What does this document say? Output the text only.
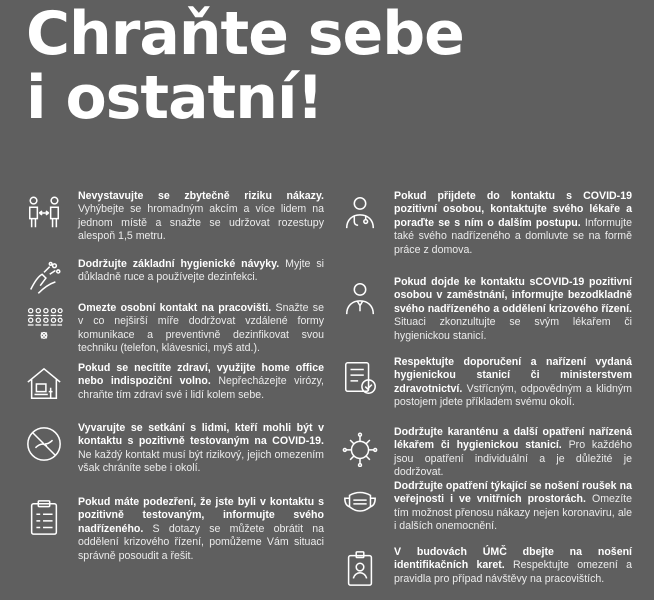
Chraňte sebe
i ostatní!
Nevystavujte se zbytečně riziku nákazy. Vyhýbejte se hromadným akcím a více lidem na jednom místě a snažte se udržovat rozestupy alespoň 1,5 metru.
Dodržujte základní hygienické návyky. Myjte si důkladně ruce a používejte dezinfekci.
Omezte osobní kontakt na pracovišti. Snažte se v co nejširší míře dodržovat vzdálené formy komunikace a preventivně dezinfikovat svou techniku (telefon, klávesnici, myš atd.).
Pokud se necítíte zdraví, využijte home office nebo indispoziční volno. Nepřecházejte virózy, chraňte tím zdraví své i lidí kolem sebe.
Vyvarujte se setkání s lidmi, kteří mohli být v kontaktu s pozitivně testovaným na COVID-19. Ne každý kontakt musí být rizikový, jejich omezením však chráníte sebe i okolí.
Pokud máte podezření, že jste byli v kontaktu s pozitivně testovaným, informujte svého nadřízeného. S dotazy se můžete obrátit na oddělení krizového řízení, pomůžeme Vám situaci správně posoudit a řešit.
Pokud přijdete do kontaktu s COVID-19 pozitivní osobou, kontaktujte svého lékaře a poraďte se s ním o dalším postupu. Informujte také svého nadřízeného a domluvte se na formě práce z domova.
Pokud dojde ke kontaktu sCOVID-19 pozitivní osobou v zaměstnání, informujte bezodkladně svého nadřízeného a oddělení krizového řízení. Situaci zkonzultujte se svým lékařem či hygienickou stanicí.
Respektujte doporučení a nařízení vydaná hygienickou stanicí či ministerstvem zdravotnictví. Vstřícným, odpovědným a klidným postojem jdete příkladem svému okolí.
Dodržujte karanténu a další opatření nařízená lékařem či hygienickou stanicí. Pro každého jsou opatření individuální a je důležité je dodržovat.
Dodržujte opatření týkající se nošení roušek na veřejnosti i ve vnitřních prostorách. Omezíte tím možnost přenosu nákazy nejen koronaviru, ale i dalších onemocnění.
V budovách ÚMČ dbejte na nošení identifikačních karet. Respektujte omezení a pravidla pro případ návštěvy na pracovištích.
